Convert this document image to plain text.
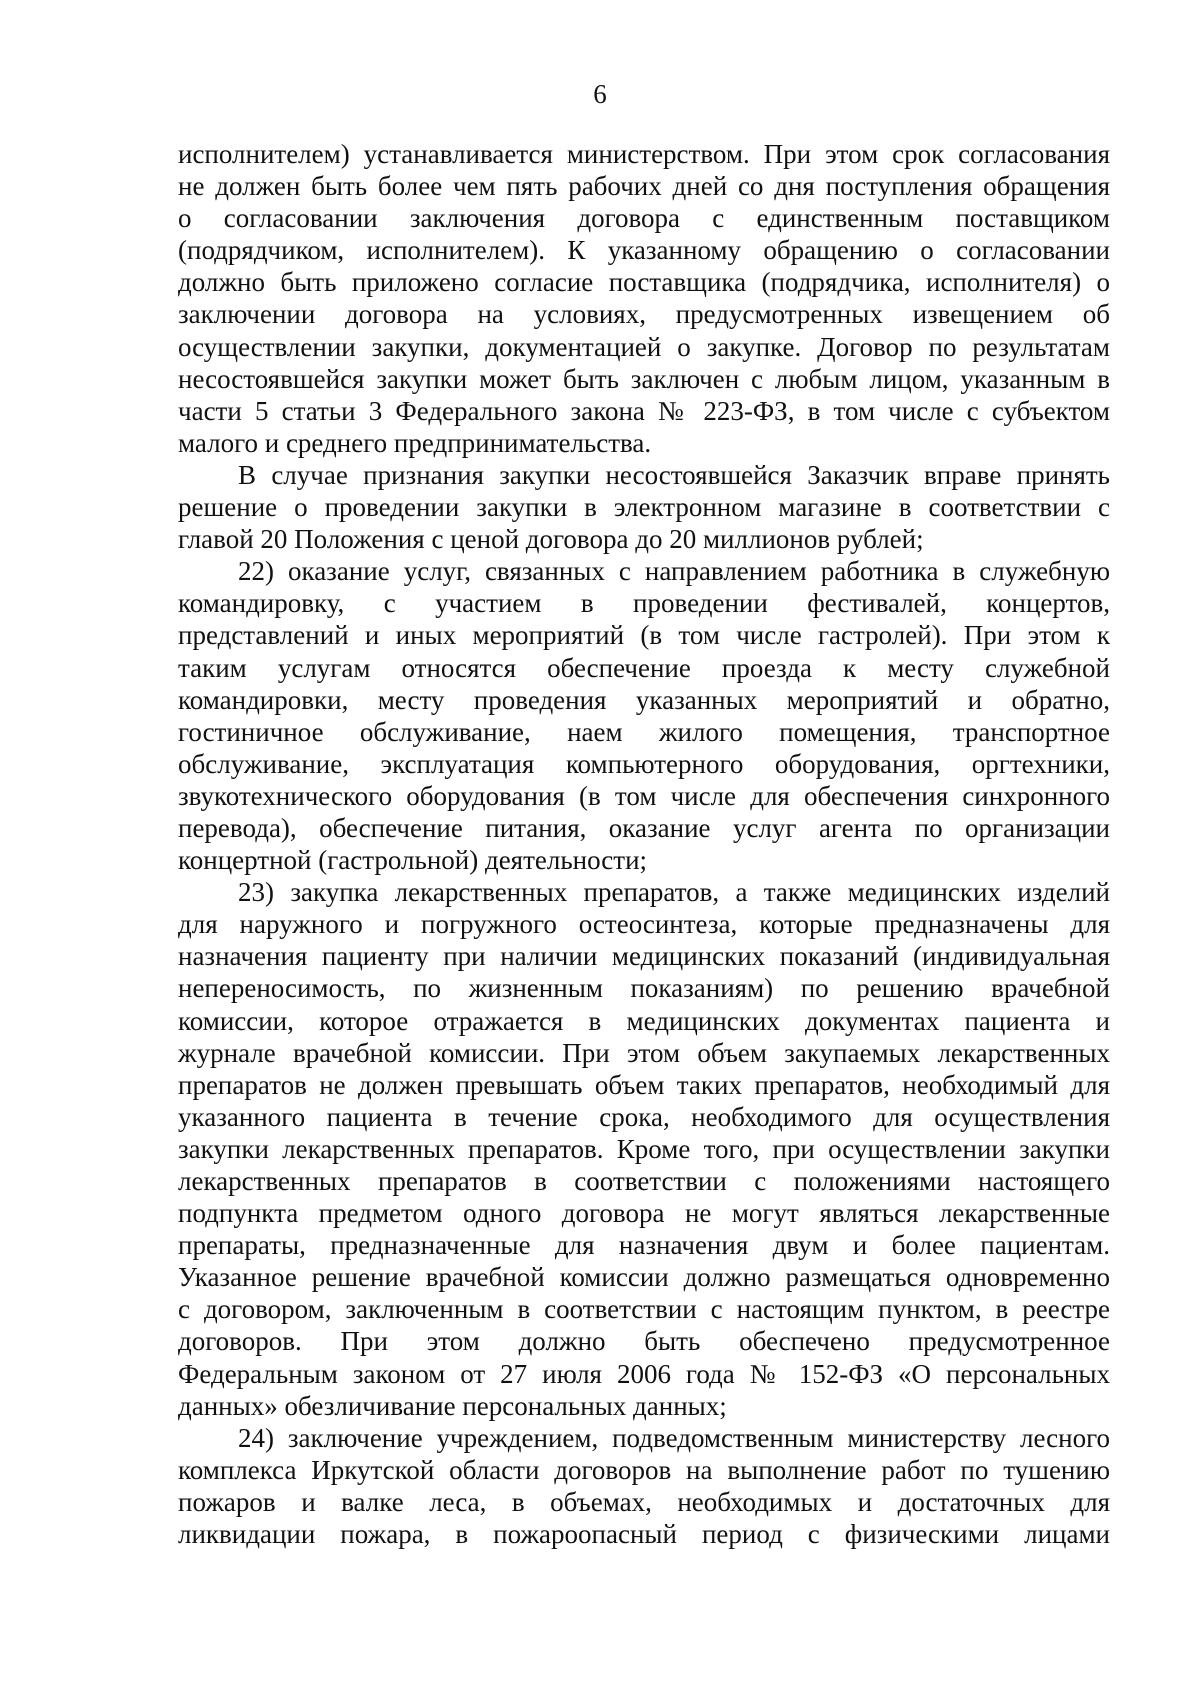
6
исполнителем) устанавливается министерством. При этом срок согласования
не должен быть более чем пять рабочих дней со дня поступления обращения
о согласовании заключения договора с единственным поставщиком
(подрядчиком, исполнителем). К указанному обращению о согласовании
должно быть приложено согласие поставщика (подрядчика, исполнителя) о
заключении договора на условиях, предусмотренных извещением об
осуществлении закупки, документацией о закупке. Договор по результатам
несостоявшейся закупки может быть заключен с любым лицом, указанным в
части 5 статьи 3 Федерального закона № 223-ФЗ, в том числе с субъектом
малого и среднего предпринимательства.
В случае признания закупки несостоявшейся Заказчик вправе принять
решение о проведении закупки в электронном магазине в соответствии с
главой 20 Положения с ценой договора до 20 миллионов рублей;
22) оказание услуг, связанных с направлением работника в служебную
командировку, с участием в проведении фестивалей, концертов,
представлений и иных мероприятий (в том числе гастролей). При этом к
таким услугам относятся обеспечение проезда к месту служебной
командировки, месту проведения указанных мероприятий и обратно,
гостиничное обслуживание, наем жилого помещения, транспортное
обслуживание, эксплуатация компьютерного оборудования, оргтехники,
звукотехнического оборудования (в том числе для обеспечения синхронного
перевода), обеспечение питания, оказание услуг агента по организации
концертной (гастрольной) деятельности;
23) закупка лекарственных препаратов, а также медицинских изделий
для наружного и погружного остеосинтеза, которые предназначены для
назначения пациенту при наличии медицинских показаний (индивидуальная
непереносимость, по жизненным показаниям) по решению врачебной
комиссии, которое отражается в медицинских документах пациента и
журнале врачебной комиссии. При этом объем закупаемых лекарственных
препаратов не должен превышать объем таких препаратов, необходимый для
указанного пациента в течение срока, необходимого для осуществления
закупки лекарственных препаратов. Кроме того, при осуществлении закупки
лекарственных препаратов в соответствии с положениями настоящего
подпункта предметом одного договора не могут являться лекарственные
препараты, предназначенные для назначения двум и более пациентам.
Указанное решение врачебной комиссии должно размещаться одновременно
с договором, заключенным в соответствии с настоящим пунктом, в реестре
договоров. При этом должно быть обеспечено предусмотренное
Федеральным законом от 27 июля 2006 года № 152-ФЗ «О персональных
данных» обезличивание персональных данных;
24) заключение учреждением, подведомственным министерству лесного
комплекса Иркутской области договоров на выполнение работ по тушению
пожаров и валке леса, в объемах, необходимых и достаточных для
ликвидации пожара, в пожароопасный период с физическими лицами
